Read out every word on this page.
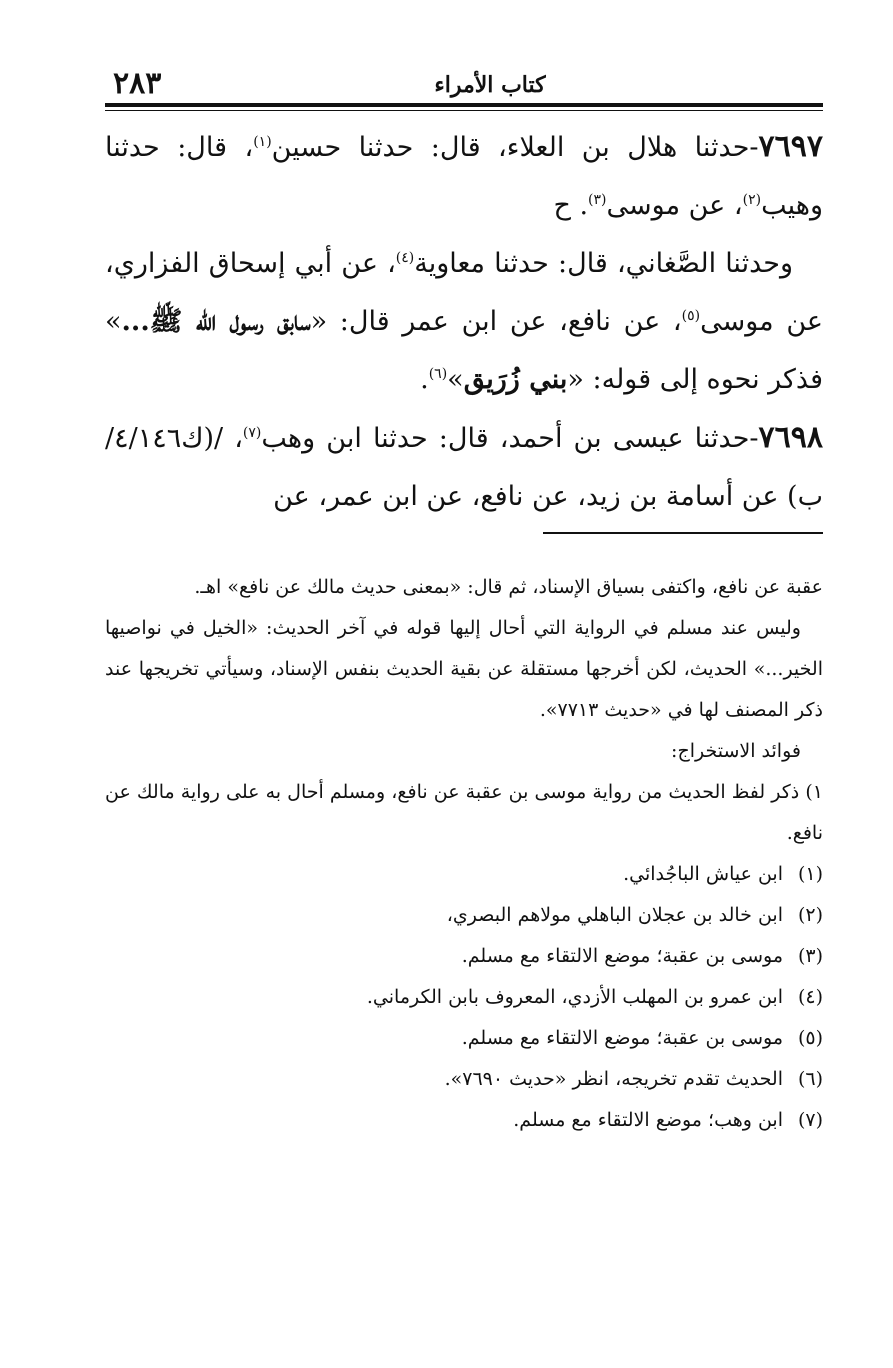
٢٨٣	كتاب الأمراء

٧٦٩٧-حدثنا هلال بن العلاء، قال: حدثنا حسين$^{(١)}$، قال: حدثنا وهيب$^{(٢)}$، عن موسى$^{(٣)}$. ح

وحدثنا الصَّغاني، قال: حدثنا معاوية$^{(٤)}$، عن أبي إسحاق الفزاري، عن موسى$^{(٥)}$، عن نافع، عن ابن عمر قال: «سابق رسول الله ﷺ...» فذكر نحوه إلى قوله: «بني زُرَيق»$^{(٦)}$.

٧٦٩٨-حدثنا عيسى بن أحمد، قال: حدثنا ابن وهب$^{(٧)}$، /(ك٤/١٤٦/ب) عن أسامة بن زيد، عن نافع، عن ابن عمر، عن

عقبة عن نافع، واكتفى بسياق الإسناد، ثم قال: «بمعنى حديث مالك عن نافع» اهـ.

وليس عند مسلم في الرواية التي أحال إليها قوله في آخر الحديث: «الخيل في نواصيها الخير...» الحديث، لكن أخرجها مستقلة عن بقية الحديث بنفس الإسناد، وسيأتي تخريجها عند ذكر المصنف لها في «حديث ٧٧١٣».

فوائد الاستخراج:

١) ذكر لفظ الحديث من رواية موسى بن عقبة عن نافع، ومسلم أحال به على رواية مالك عن نافع.

(١)ابن عياش الباجُدائي.

(٢)ابن خالد بن عجلان الباهلي مولاهم البصري،

(٣)موسى بن عقبة؛ موضع الالتقاء مع مسلم.

(٤)ابن عمرو بن المهلب الأزدي، المعروف بابن الكرماني.

(٥)موسى بن عقبة؛ موضع الالتقاء مع مسلم.

(٦)الحديث تقدم تخريجه، انظر «حديث ٧٦٩٠».

(٧)ابن وهب؛ موضع الالتقاء مع مسلم.
